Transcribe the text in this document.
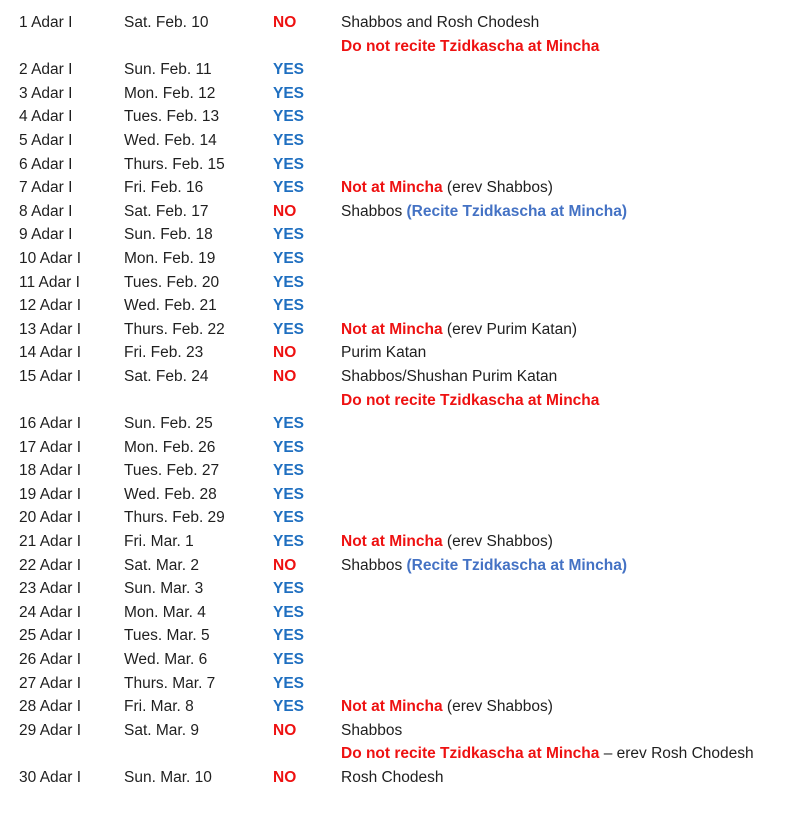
1 Adar I	Sat. Feb. 10	NO	Shabbos and Rosh Chodesh
Do not recite Tzidkascha at Mincha
2 Adar I	Sun. Feb. 11	YES
3 Adar I	Mon. Feb. 12	YES
4 Adar I	Tues. Feb. 13	YES
5 Adar I	Wed. Feb. 14	YES
6 Adar I	Thurs. Feb. 15	YES
7 Adar I	Fri. Feb. 16	YES Not at Mincha (erev Shabbos)
8 Adar I	Sat. Feb. 17	NO	Shabbos (Recite Tzidkascha at Mincha)
9 Adar I	Sun. Feb. 18	YES
10 Adar I	Mon. Feb. 19	YES
11 Adar I	Tues. Feb. 20	YES
12 Adar I	Wed. Feb. 21	YES
13 Adar I	Thurs. Feb. 22	YES Not at Mincha (erev Purim Katan)
14 Adar I	Fri. Feb. 23	NO	Purim Katan
15 Adar I	Sat. Feb. 24	NO	Shabbos/Shushan Purim Katan
Do not recite Tzidkascha at Mincha
16 Adar I	Sun. Feb. 25	YES
17 Adar I	Mon. Feb. 26	YES
18 Adar I	Tues. Feb. 27	YES
19 Adar I	Wed. Feb. 28	YES
20 Adar I	Thurs. Feb. 29	YES
21 Adar I	Fri. Mar. 1	YES Not at Mincha (erev Shabbos)
22 Adar I	Sat. Mar. 2	NO	Shabbos (Recite Tzidkascha at Mincha)
23 Adar I	Sun. Mar. 3	YES
24 Adar I	Mon. Mar. 4	YES
25 Adar I	Tues. Mar. 5	YES
26 Adar I	Wed. Mar. 6	YES
27 Adar I	Thurs. Mar. 7	YES
28 Adar I	Fri. Mar. 8	YES Not at Mincha (erev Shabbos)
29 Adar I	Sat. Mar. 9	NO	Shabbos
Do not recite Tzidkascha at Mincha – erev Rosh Chodesh
30 Adar I	Sun. Mar. 10	NO	Rosh Chodesh
